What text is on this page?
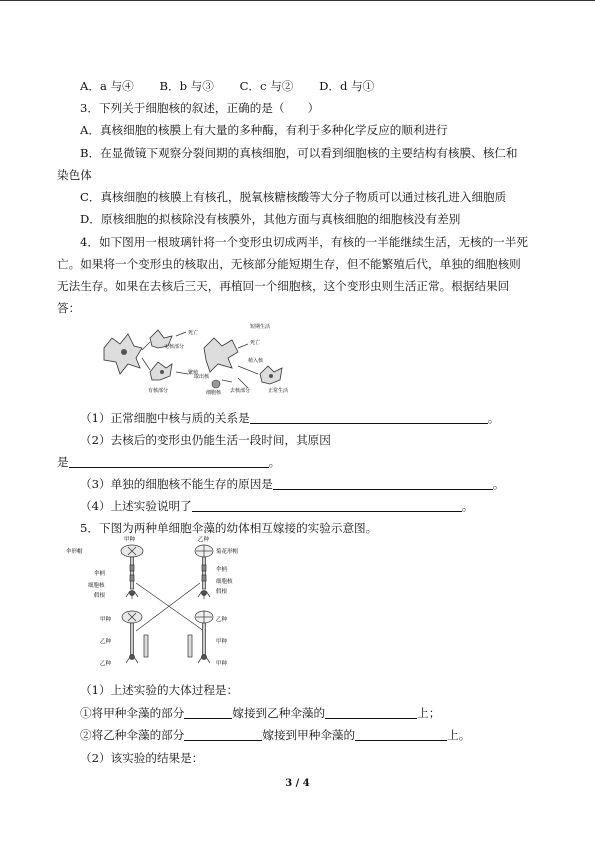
A．a 与④ B．b 与③ C．c 与② D．d 与①
3．下列关于细胞核的叙述，正确的是（　　）
A．真核细胞的核膜上有大量的多种酶，有利于多种化学反应的顺利进行
B．在显微镜下观察分裂间期的真核细胞，可以看到细胞核的主要结构有核膜、核仁和
染色体
C．真核细胞的核膜上有核孔，脱氧核糖核酸等大分子物质可以通过核孔进入细胞质
D．原核细胞的拟核除没有核膜外，其他方面与真核细胞的细胞核没有差别
4．如下图用一根玻璃针将一个变形虫切成两半，有核的一半能继续生活，无核的一半死
亡。如果将一个变形虫的核取出，无核部分能短期生存，但不能繁殖后代，单独的细胞核则
无法生存。如果在去核后三天，再植回一个细胞核，这个变形虫则生活正常。根据结果回
答：
死亡
无核部分
繁殖
有核部分
取出核
死亡
植入核
细胞核 去核部分	正常生活
短期生活
（1）正常细胞中核与质的关系是	。
（2）去核后的变形虫仍能生活一段时间，其原因
是	。
（3）单独的细胞核不能生存的原因是	。
（4）上述实验说明了	。
5．下图为两种单细胞伞藻的幼体相互嫁接的实验示意图。
甲种	乙种
伞形帽	菊花形帽
伞柄
细胞核
假根
伞柄
细胞核
假根
甲种	乙种
乙种	甲种
乙种	甲种
（1）上述实验的大体过程是：
①将甲种伞藻的部分	嫁接到乙种伞藻的	上；
②将乙种伞藻的部分	嫁接到甲种伞藻的	上。
（2）该实验的结果是：
3 / 4
